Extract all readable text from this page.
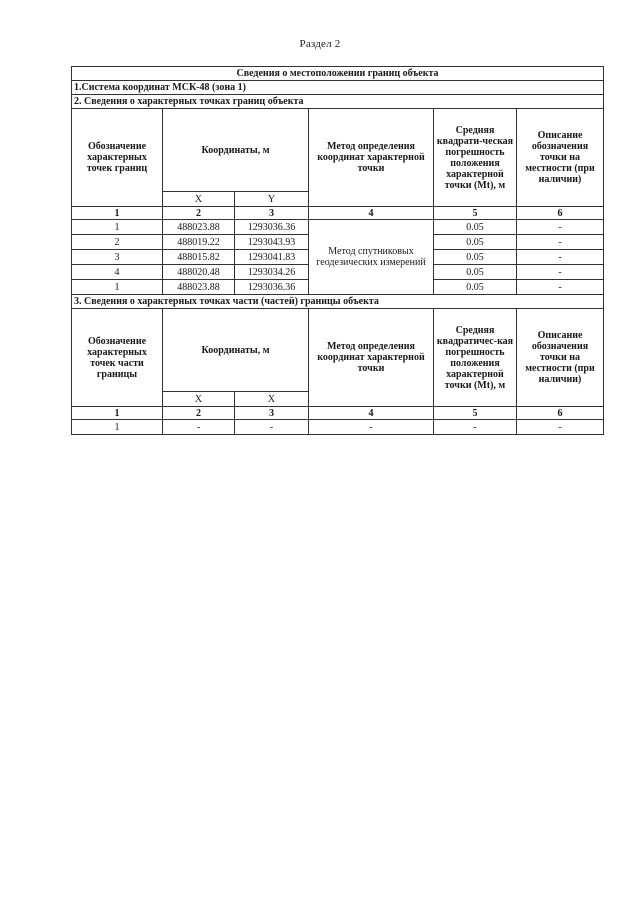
Раздел 2
Сведения о местоположении границ объекта					
1.Система координат МСК-48 (зона 1)					
2. Сведения о характерных точках границ объекта					
Обозначение характерных точек границ	Координаты, м		Метод определения координат характерной точки	Средняя квадрати-ческая погрешность положения характерной точки (Mt), м	Описание обозначения точки на местности (при наличии)
	X	Y			
1	2	3	4	5	6
1	488023.88	1293036.36	Метод спутниковых геодезических измерений	0.05	-
2	488019.22	1293043.93		0.05	-
3	488015.82	1293041.83		0.05	-
4	488020.48	1293034.26		0.05	-
1	488023.88	1293036.36		0.05	-
3. Сведения о характерных точках части (частей) границы объекта					
Обозначение характерных точек части границы	Координаты, м		Метод определения координат характерной точки	Средняя квадратичес-кая погрешность положения характерной точки (Mt), м	Описание обозначения точки на местности (при наличии)
	X	X			
1	2	3	4	5	6
1	-	-	-	-	-
